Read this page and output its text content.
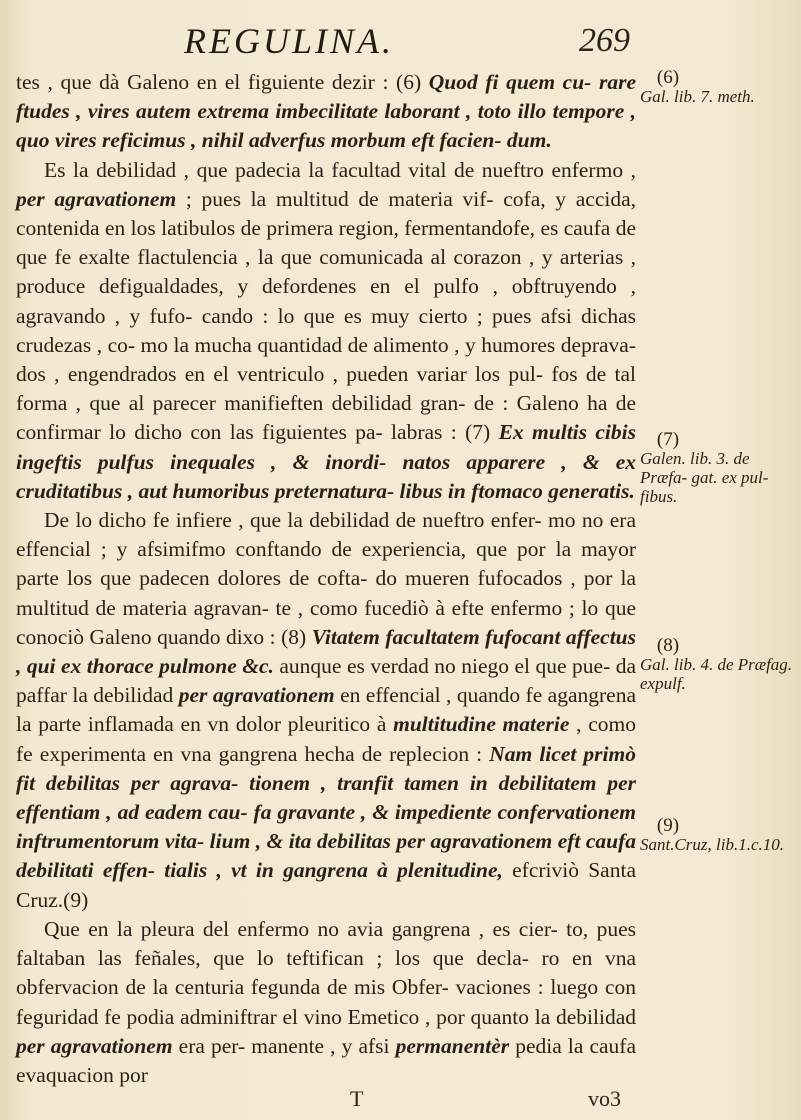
REGULINA.	269

tes , que dà Galeno en el figuiente dezir : (6) Quod fi quem cu- rare ftudes , vires autem extrema imbecilitate laborant , toto illo tempore , quo vires reficimus , nihil adverfus morbum eft facien- dum.

Es la debilidad , que padecia la facultad vital de nueftro enfermo , per agravationem ; pues la multitud de materia vif- cofa, y accida, contenida en los latibulos de primera region, fermentandofe, es caufa de que fe exalte flactulencia , la que comunicada al corazon , y arterias , produce defigualdades, y defordenes en el pulfo , obftruyendo , agravando , y fufo- cando : lo que es muy cierto ; pues afsi dichas crudezas , co- mo la mucha quantidad de alimento , y humores deprava- dos , engendrados en el ventriculo , pueden variar los pul- fos de tal forma , que al parecer manifieften debilidad gran- de : Galeno ha de confirmar lo dicho con las figuientes pa- labras : (7) Ex multis cibis ingeftis pulfus inequales , & inordi- natos apparere , & ex cruditatibus , aut humoribus preternatura- libus in ftomaco generatis.

De lo dicho fe infiere , que la debilidad de nueftro enfer- mo no era effencial ; y afsimifmo conftando de experiencia, que por la mayor parte los que padecen dolores de cofta- do mueren fufocados , por la multitud de materia agravan- te , como fucediò à efte enfermo ; lo que conociò Galeno quando dixo : (8) Vitatem facultatem fufocant affectus , qui ex thorace pulmone &c. aunque es verdad no niego el que pue- da paffar la debilidad per agravationem en effencial , quando fe agangrena la parte inflamada en vn dolor pleuritico à multitudine materie , como fe experimenta en vna gangrena hecha de replecion : Nam licet primò fit debilitas per agrava- tionem , tranfit tamen in debilitatem per effentiam , ad eadem cau- fa gravante , & impediente confervationem inftrumentorum vita- lium , & ita debilitas per agravationem eft caufa debilitati effen- tialis , vt in gangrena à plenitudine, efcriviò Santa Cruz.(9)

Que en la pleura del enfermo no avia gangrena , es cier- to, pues faltaban las feñales, que lo teftifican ; los que decla- ro en vna obfervacion de la centuria fegunda de mis Obfer- vaciones : luego con feguridad fe podia adminiftrar el vino Emetico , por quanto la debilidad per agravationem era per- manente , y afsi permanentèr pedia la caufa evaquacion por

(6)
Gal. lib. 7. meth.
(7)
Galen. lib. 3. de Præfa- gat. ex pul- fibus.
(8)
Gal. lib. 4. de Præfag. expulf.
(9)
Sant.Cruz, lib.1.c.10.
T	vo3
